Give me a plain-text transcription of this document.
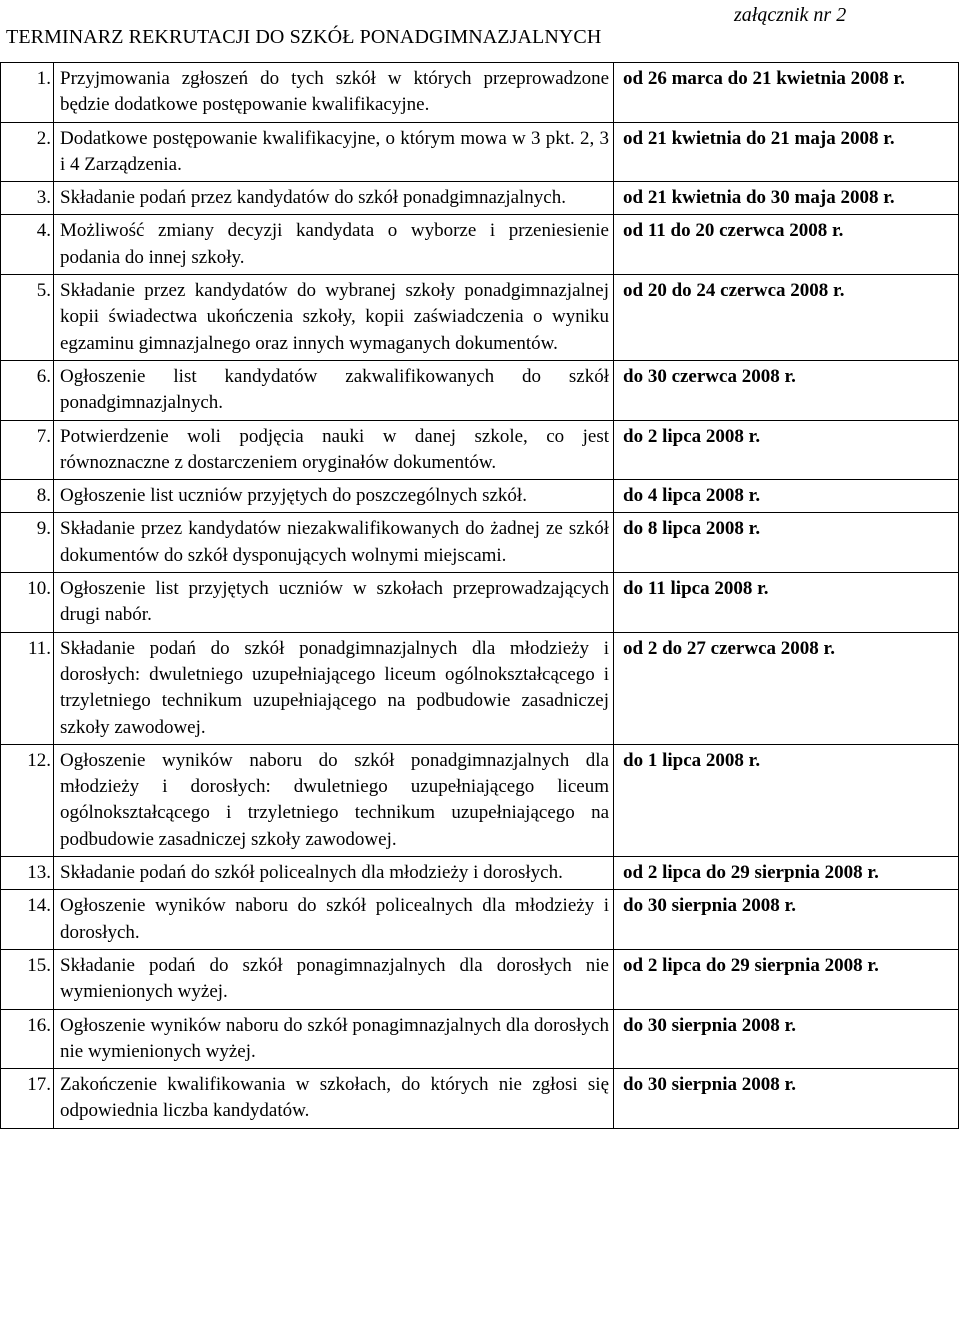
załącznik nr 2
TERMINARZ REKRUTACJI DO SZKÓŁ PONADGIMNAZJALNYCH
1.	Przyjmowania zgłoszeń do tych szkół w których przeprowadzone będzie dodatkowe postępowanie kwalifikacyjne.	od 26 marca do 21 kwietnia 2008 r.
2.	Dodatkowe postępowanie kwalifikacyjne, o którym mowa w 3 pkt. 2, 3 i 4 Zarządzenia.	od 21 kwietnia do 21 maja 2008 r.
3.	Składanie podań przez kandydatów do szkół ponadgimnazjalnych.	od 21 kwietnia do 30 maja 2008 r.
4.	Możliwość zmiany decyzji kandydata o wyborze i przeniesienie podania do innej szkoły.	od 11 do 20 czerwca 2008 r.
5.	Składanie przez kandydatów do wybranej szkoły ponadgimnazjalnej kopii świadectwa ukończenia szkoły, kopii zaświadczenia o wyniku egzaminu gimnazjalnego oraz innych wymaganych dokumentów.	od 20 do 24 czerwca 2008 r.
6.	Ogłoszenie list kandydatów zakwalifikowanych do szkół ponadgimnazjalnych.	do 30 czerwca 2008 r.
7.	Potwierdzenie woli podjęcia nauki w danej szkole, co jest równoznaczne z dostarczeniem oryginałów dokumentów.	do 2 lipca 2008 r.
8.	Ogłoszenie list uczniów przyjętych do poszczególnych szkół.	do 4 lipca 2008 r.
9.	Składanie przez kandydatów niezakwalifikowanych do żadnej ze szkół dokumentów do szkół dysponujących wolnymi miejscami.	do 8 lipca 2008 r.
10.	Ogłoszenie list przyjętych uczniów w szkołach przeprowadzających drugi nabór.	do 11 lipca 2008 r.
11.	Składanie podań do szkół ponadgimnazjalnych dla młodzieży i dorosłych: dwuletniego uzupełniającego liceum ogólnokształcącego i trzyletniego technikum uzupełniającego na podbudowie zasadniczej szkoły zawodowej.	od 2 do 27 czerwca 2008 r.
12.	Ogłoszenie wyników naboru do szkół ponadgimnazjalnych dla młodzieży i dorosłych: dwuletniego uzupełniającego liceum ogólnokształcącego i trzyletniego technikum uzupełniającego na podbudowie zasadniczej szkoły zawodowej.	do 1 lipca 2008 r.
13.	Składanie podań do szkół policealnych dla młodzieży i dorosłych.	od 2 lipca do 29 sierpnia 2008 r.
14.	Ogłoszenie wyników naboru do szkół policealnych dla młodzieży i dorosłych.	do 30 sierpnia 2008 r.
15.	Składanie podań do szkół ponagimnazjalnych dla dorosłych nie wymienionych wyżej.	od 2 lipca do 29 sierpnia 2008 r.
16.	Ogłoszenie wyników naboru do szkół ponagimnazjalnych dla dorosłych nie wymienionych wyżej.	do 30 sierpnia 2008 r.
17.	Zakończenie kwalifikowania w szkołach, do których nie zgłosi się odpowiednia liczba kandydatów.	do 30 sierpnia 2008 r.
